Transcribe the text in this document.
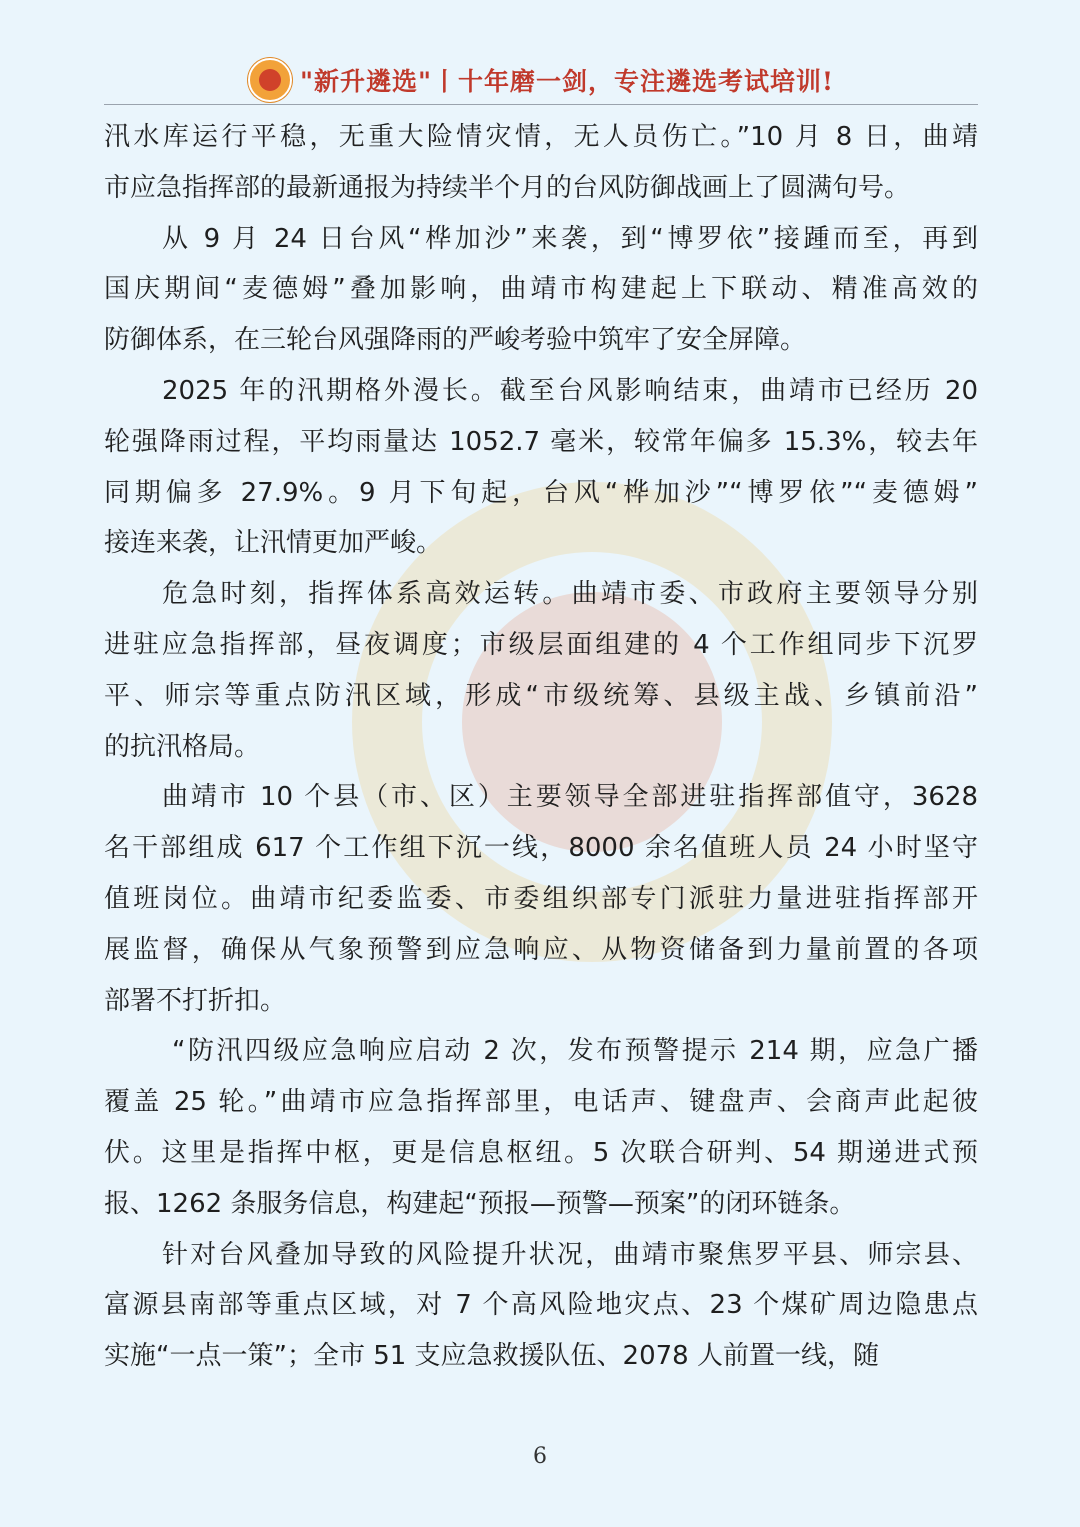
"新升遴选"丨十年磨一剑，专注遴选考试培训!

汛水库运行平稳，无重大险情灾情，无人员伤亡。”10 月 8 日，曲靖
市应急指挥部的最新通报为持续半个月的台风防御战画上了圆满句号。

从 9 月 24 日台风“桦加沙”来袭，到“博罗依”接踵而至，再到
国庆期间“麦德姆”叠加影响，曲靖市构建起上下联动、精准高效的
防御体系，在三轮台风强降雨的严峻考验中筑牢了安全屏障。

2025 年的汛期格外漫长。截至台风影响结束，曲靖市已经历 20
轮强降雨过程，平均雨量达 1052.7 毫米，较常年偏多 15.3%，较去年
同期偏多 27.9%。9 月下旬起，台风“桦加沙”“博罗依”“麦德姆”
接连来袭，让汛情更加严峻。

危急时刻，指挥体系高效运转。曲靖市委、市政府主要领导分别
进驻应急指挥部，昼夜调度；市级层面组建的 4 个工作组同步下沉罗
平、师宗等重点防汛区域，形成“市级统筹、县级主战、乡镇前沿”
的抗汛格局。

曲靖市 10 个县（市、区）主要领导全部进驻指挥部值守，3628
名干部组成 617 个工作组下沉一线，8000 余名值班人员 24 小时坚守
值班岗位。曲靖市纪委监委、市委组织部专门派驻力量进驻指挥部开
展监督，确保从气象预警到应急响应、从物资储备到力量前置的各项
部署不打折扣。

“防汛四级应急响应启动 2 次，发布预警提示 214 期，应急广播
覆盖 25 轮。”曲靖市应急指挥部里，电话声、键盘声、会商声此起彼
伏。这里是指挥中枢，更是信息枢纽。5 次联合研判、54 期递进式预
报、1262 条服务信息，构建起“预报—预警—预案”的闭环链条。

针对台风叠加导致的风险提升状况，曲靖市聚焦罗平县、师宗县、
富源县南部等重点区域，对 7 个高风险地灾点、23 个煤矿周边隐患点
实施“一点一策”；全市 51 支应急救援队伍、2078 人前置一线，随

6
